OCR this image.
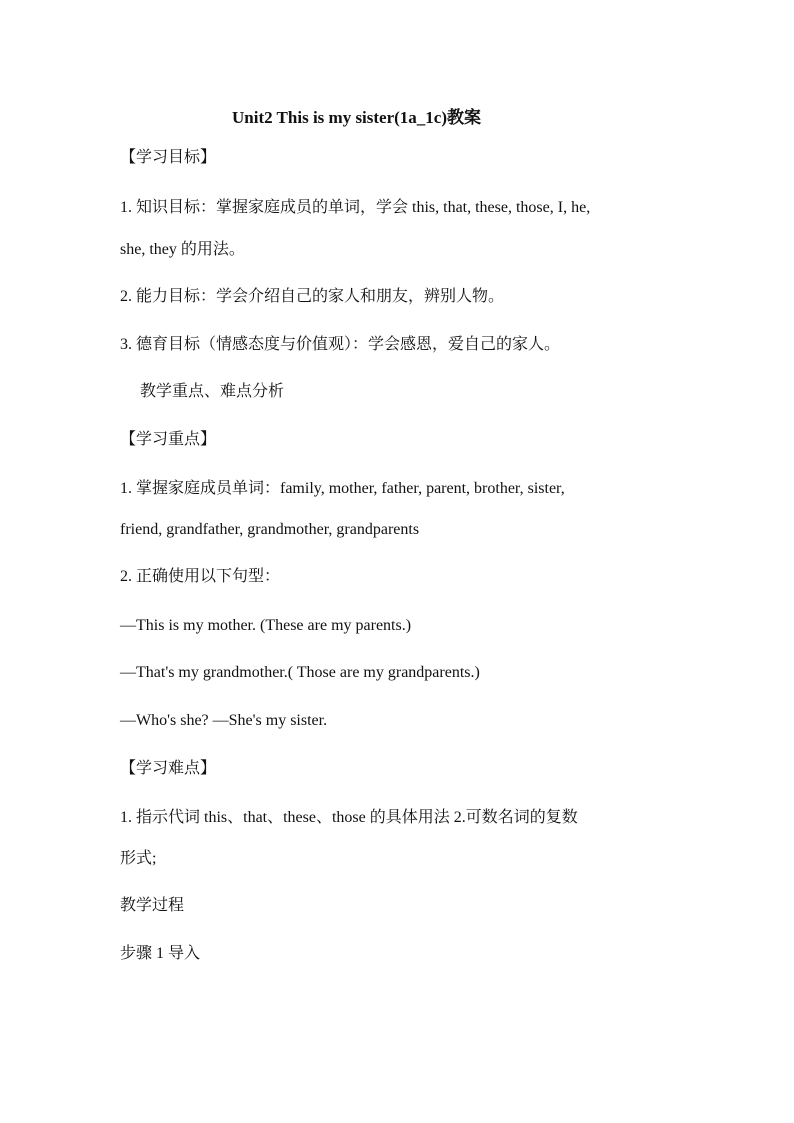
Unit2 This is my sister(1a_1c)教案
【学习目标】
1. 知识目标：掌握家庭成员的单词，学会 this, that, these, those, I, he,
she, they 的用法。
2. 能力目标：学会介绍自己的家人和朋友，辨别人物。
3. 德育目标（情感态度与价值观）：学会感恩，爱自己的家人。
教学重点、难点分析
【学习重点】
1. 掌握家庭成员单词：family, mother, father, parent, brother, sister,
friend, grandfather, grandmother, grandparents
2. 正确使用以下句型：
—This is my mother. (These are my parents.)
—That's my grandmother.( Those are my grandparents.)
—Who's she? —She's my sister.
【学习难点】
1. 指示代词 this、that、these、those 的具体用法 2.可数名词的复数
形式;
教学过程
步骤 1 导入
